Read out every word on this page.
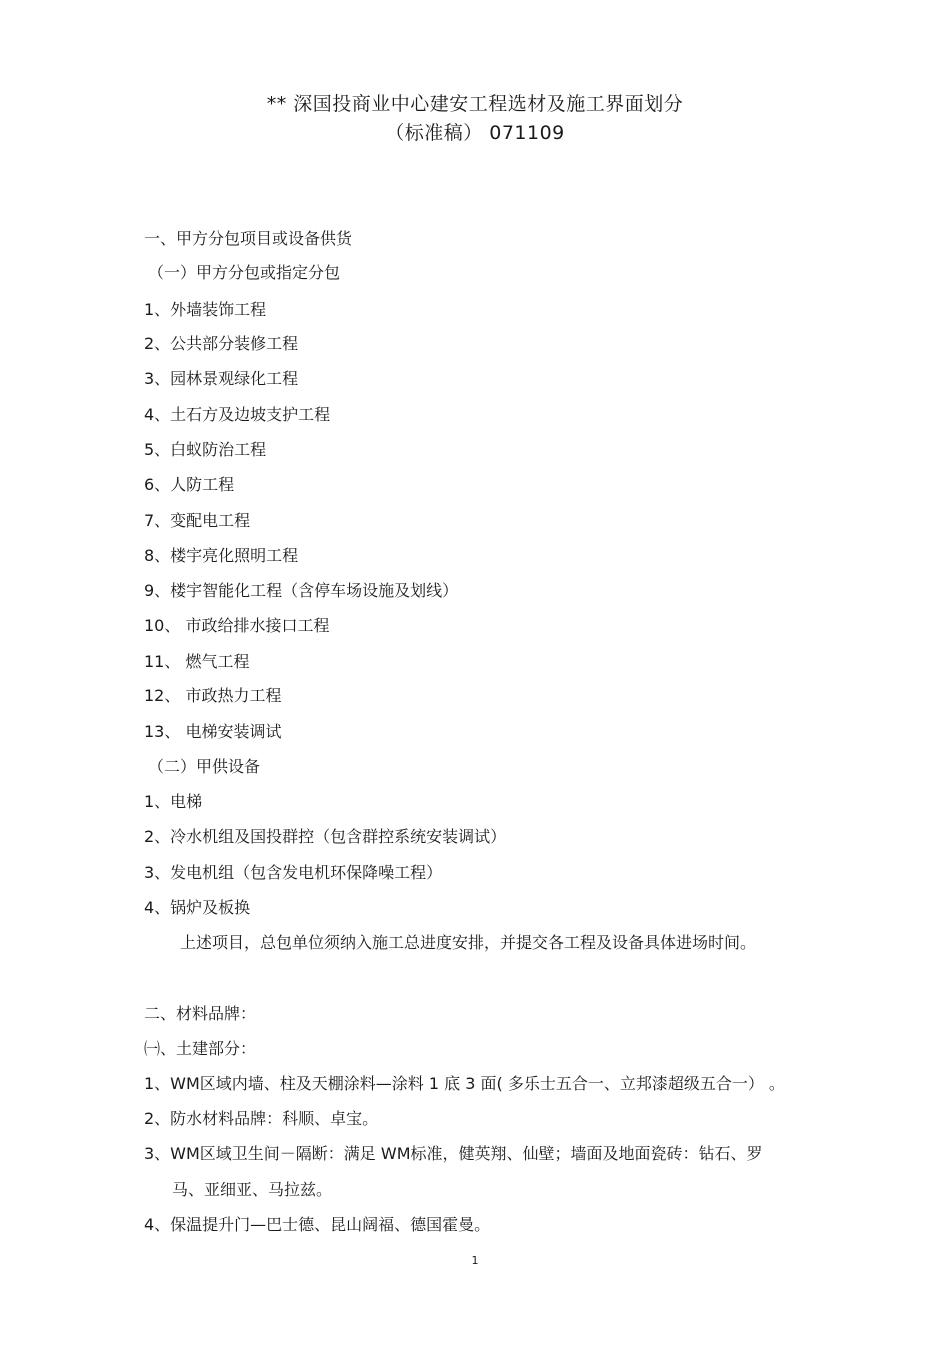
** 深国投商业中心建安工程选材及施工界面划分
（标准稿） 071109
一、甲方分包项目或设备供货
（一）甲方分包或指定分包
1、外墙装饰工程
2、公共部分装修工程
3、园林景观绿化工程
4、土石方及边坡支护工程
5、白蚁防治工程
6、人防工程
7、变配电工程
8、楼宇亮化照明工程
9、楼宇智能化工程（含停车场设施及划线）
10、 市政给排水接口工程
11、 燃气工程
12、 市政热力工程
13、 电梯安装调试
（二）甲供设备
1、电梯
2、冷水机组及国投群控（包含群控系统安装调试）
3、发电机组（包含发电机环保降噪工程）
4、锅炉及板换
上述项目，总包单位须纳入施工总进度安排，并提交各工程及设备具体进场时间。
二、材料品牌：
㈠、土建部分：
1、WM区域内墙、柱及天棚涂料—涂料 1 底 3 面( 多乐士五合一、立邦漆超级五合一） 。
2、防水材料品牌：科顺、卓宝。
3、WM区域卫生间－隔断：满足 WM标准，健英翔、仙壁；墙面及地面瓷砖：钻石、罗
马、亚细亚、马拉兹。
4、保温提升门—巴士德、昆山阔福、德国霍曼。
1
